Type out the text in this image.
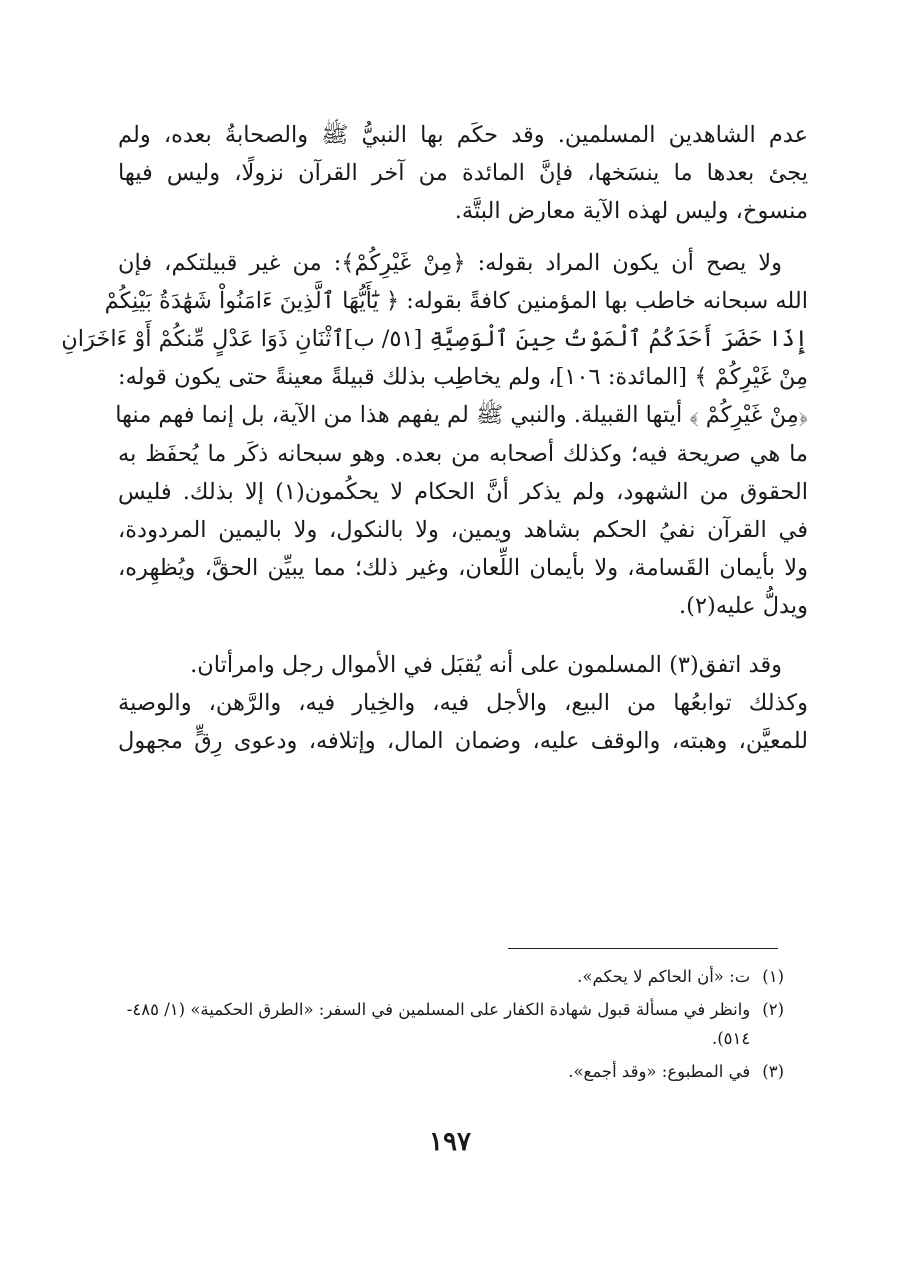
عدم الشاهدين المسلمين. وقد حكَم بها النبيُّ ﷺ والصحابةُ بعده، ولم
يجئ بعدها ما ينسَخها، فإنَّ المائدة من آخر القرآن نزولًا، وليس فيها
منسوخ، وليس لهذه الآية معارض البتَّة.

ولا يصح أن يكون المراد بقوله: ﴿مِنْ غَيْرِكُمْ﴾: من غير قبيلتكم، فإن
الله سبحانه خاطب بها المؤمنين كافةً بقوله: ﴿ يَٰٓأَيُّهَا ٱلَّذِينَ ءَامَنُواْ شَهَٰدَةُ بَيْنِكُمْ
إِذَا حَضَرَ أَحَدَكُمُ ٱلْمَوْتُ حِينَ ٱلْوَصِيَّةِ [٥١/ ب]ٱثْنَانِ ذَوَا عَدْلٍ مِّنكُمْ أَوْ ءَاخَرَانِ
مِنْ غَيْرِكُمْ ﴾ [المائدة: ١٠٦]، ولم يخاطِب بذلك قبيلةً معينةً حتى يكون قوله:
﴿مِنْ غَيْرِكُمْ ﴾ أيتها القبيلة. والنبي ﷺ لم يفهم هذا من الآية، بل إنما فهم منها
ما هي صريحة فيه؛ وكذلك أصحابه من بعده. وهو سبحانه ذكَر ما يُحفَظ به
الحقوق من الشهود، ولم يذكر أنَّ الحكام لا يحكُمون(١) إلا بذلك. فليس
في القرآن نفيُ الحكم بشاهد ويمين، ولا بالنكول، ولا باليمين المردودة،
ولا بأيمان القَسامة، ولا بأيمان اللِّعان، وغير ذلك؛ مما يبيِّن الحقَّ، ويُظهِره،
ويدلُّ عليه(٢).

وقد اتفق(٣) المسلمون على أنه يُقبَل في الأموال رجل وامرأتان.
وكذلك توابعُها من البيع، والأجل فيه، والخِيار فيه، والرَّهن، والوصية
للمعيَّن، وهبته، والوقف عليه، وضمان المال، وإتلافه، ودعوى رِقٍّ مجهول

(١)
ت: «أن الحاكم لا يحكم».
(٢)
وانظر في مسألة قبول شهادة الكفار على المسلمين في السفر: «الطرق الحكمية» (١/ ٤٨٥- ٥١٤).
(٣)
في المطبوع: «وقد أجمع».
١٩٧
